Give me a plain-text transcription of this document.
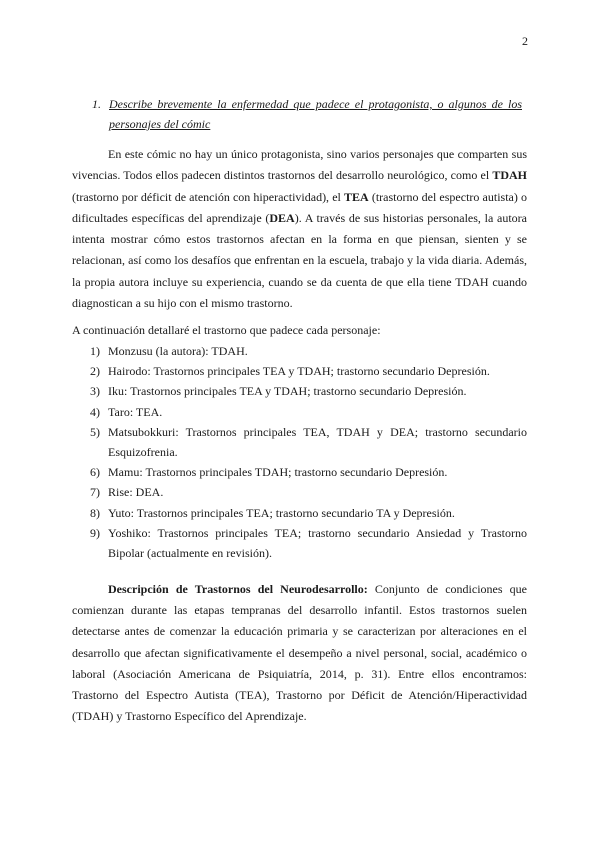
2
1. Describe brevemente la enfermedad que padece el protagonista, o algunos de los personajes del cómic

En este cómic no hay un único protagonista, sino varios personajes que comparten sus vivencias. Todos ellos padecen distintos trastornos del desarrollo neurológico, como el TDAH (trastorno por déficit de atención con hiperactividad), el TEA (trastorno del espectro autista) o dificultades específicas del aprendizaje (DEA). A través de sus historias personales, la autora intenta mostrar cómo estos trastornos afectan en la forma en que piensan, sienten y se relacionan, así como los desafíos que enfrentan en la escuela, trabajo y la vida diaria. Además, la propia autora incluye su experiencia, cuando se da cuenta de que ella tiene TDAH cuando diagnostican a su hijo con el mismo trastorno.

A continuación detallaré el trastorno que padece cada personaje:

1) Monzusu (la autora): TDAH.
2) Hairodo: Trastornos principales TEA y TDAH; trastorno secundario Depresión.
3) Iku: Trastornos principales TEA y TDAH; trastorno secundario Depresión.
4) Taro: TEA.
5) Matsubokkuri: Trastornos principales TEA, TDAH y DEA; trastorno secundario Esquizofrenia.
6) Mamu: Trastornos principales TDAH; trastorno secundario Depresión.
7) Rise: DEA.
8) Yuto: Trastornos principales TEA; trastorno secundario TA y Depresión.
9) Yoshiko: Trastornos principales TEA; trastorno secundario Ansiedad y Trastorno Bipolar (actualmente en revisión).

Descripción de Trastornos del Neurodesarrollo: Conjunto de condiciones que comienzan durante las etapas tempranas del desarrollo infantil. Estos trastornos suelen detectarse antes de comenzar la educación primaria y se caracterizan por alteraciones en el desarrollo que afectan significativamente el desempeño a nivel personal, social, académico o laboral (Asociación Americana de Psiquiatría, 2014, p. 31). Entre ellos encontramos: Trastorno del Espectro Autista (TEA), Trastorno por Déficit de Atención/Hiperactividad (TDAH) y Trastorno Específico del Aprendizaje.
